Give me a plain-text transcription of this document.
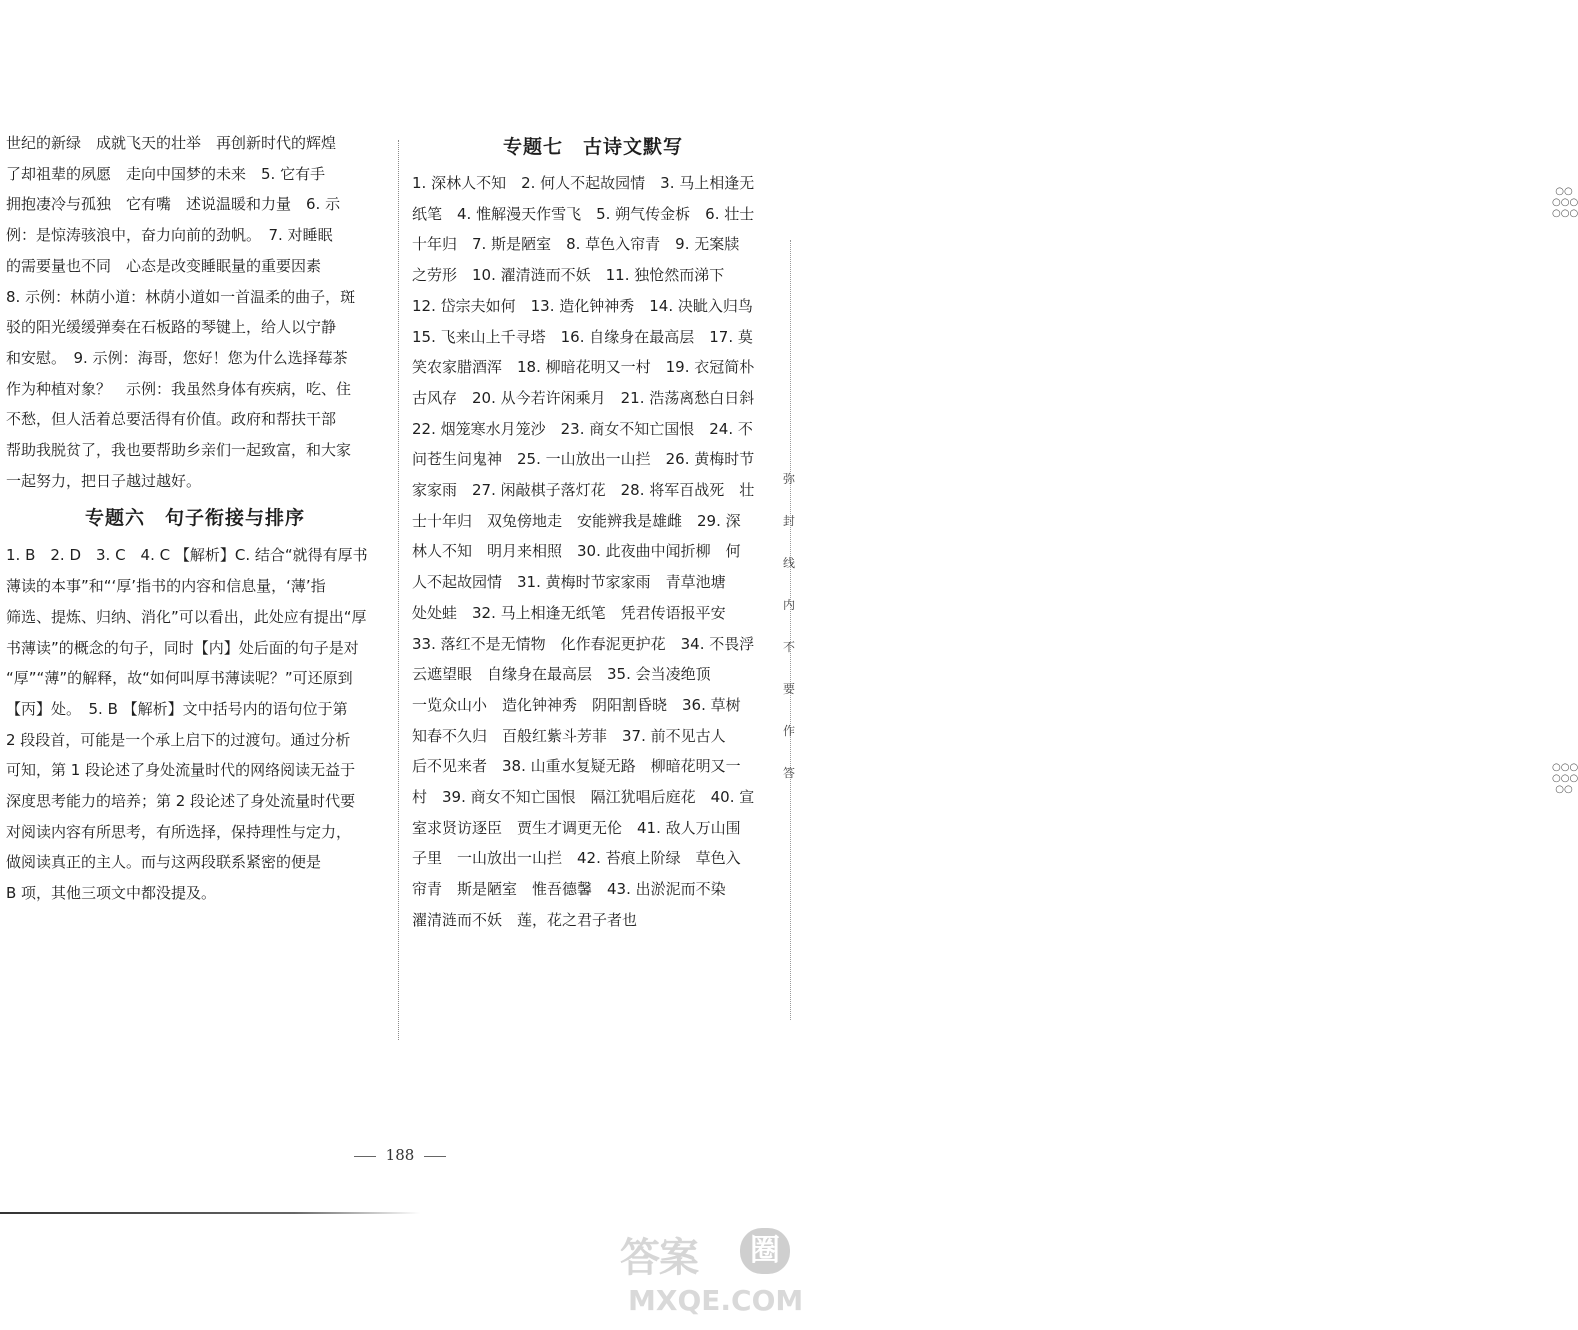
世纪的新绿　成就飞天的壮举　再创新时代的辉煌

了却祖辈的夙愿　走向中国梦的未来　5. 它有手

拥抱凄冷与孤独　它有嘴　述说温暖和力量　6. 示

例：是惊涛骇浪中，奋力向前的劲帆。　7. 对睡眠

的需要量也不同　心态是改变睡眠量的重要因素

8. 示例：林荫小道：林荫小道如一首温柔的曲子，斑

驳的阳光缓缓弹奏在石板路的琴键上，给人以宁静

和安慰。　9. 示例：海哥，您好！您为什么选择莓茶

作为种植对象？　示例：我虽然身体有疾病，吃、住

不愁，但人活着总要活得有价值。政府和帮扶干部

帮助我脱贫了，我也要帮助乡亲们一起致富，和大家

一起努力，把日子越过越好。

专题六　句子衔接与排序

1. B　2. D　3. C　4. C 【解析】C. 结合“就得有厚书

薄读的本事”和“‘厚’指书的内容和信息量，‘薄’指

筛选、提炼、归纳、消化”可以看出，此处应有提出“厚

书薄读”的概念的句子，同时【内】处后面的句子是对

“厚”“薄”的解释，故“如何叫厚书薄读呢？”可还原到

【丙】处。　5. B 【解析】文中括号内的语句位于第

2 段段首，可能是一个承上启下的过渡句。通过分析

可知，第 1 段论述了身处流量时代的网络阅读无益于

深度思考能力的培养；第 2 段论述了身处流量时代要

对阅读内容有所思考，有所选择，保持理性与定力，

做阅读真正的主人。而与这两段联系紧密的便是

B 项，其他三项文中都没提及。

专题七　古诗文默写

1. 深林人不知　2. 何人不起故园情　3. 马上相逢无

纸笔　4. 惟解漫天作雪飞　5. 朔气传金柝　6. 壮士

十年归　7. 斯是陋室　8. 草色入帘青　9. 无案牍

之劳形　10. 濯清涟而不妖　11. 独怆然而涕下

12. 岱宗夫如何　13. 造化钟神秀　14. 决眦入归鸟

15. 飞来山上千寻塔　16. 自缘身在最高层　17. 莫

笑农家腊酒浑　18. 柳暗花明又一村　19. 衣冠简朴

古风存　20. 从今若许闲乘月　21. 浩荡离愁白日斜

22. 烟笼寒水月笼沙　23. 商女不知亡国恨　24. 不

问苍生问鬼神　25. 一山放出一山拦　26. 黄梅时节

家家雨　27. 闲敲棋子落灯花　28. 将军百战死　壮

士十年归　双兔傍地走　安能辨我是雄雌　29. 深

林人不知　明月来相照　30. 此夜曲中闻折柳　何

人不起故园情　31. 黄梅时节家家雨　青草池塘

处处蛙　32. 马上相逢无纸笔　凭君传语报平安

33. 落红不是无情物　化作春泥更护花　34. 不畏浮

云遮望眼　自缘身在最高层　35. 会当凌绝顶

一览众山小　造化钟神秀　阴阳割昏晓　36. 草树

知春不久归　百般红紫斗芳菲　37. 前不见古人

后不见来者　38. 山重水复疑无路　柳暗花明又一

村　39. 商女不知亡国恨　隔江犹唱后庭花　40. 宣

室求贤访逐臣　贾生才调更无伦　41. 敌人万山围

子里　一山放出一山拦　42. 苔痕上阶绿　草色入

帘青　斯是陋室　惟吾德馨　43. 出淤泥而不染

濯清涟而不妖　莲，花之君子者也

○○
○○○
○○○
○○○
○○○
○○
弥
封
线
内
不
要
作
答
188
答案	圈
MXQE.COM
